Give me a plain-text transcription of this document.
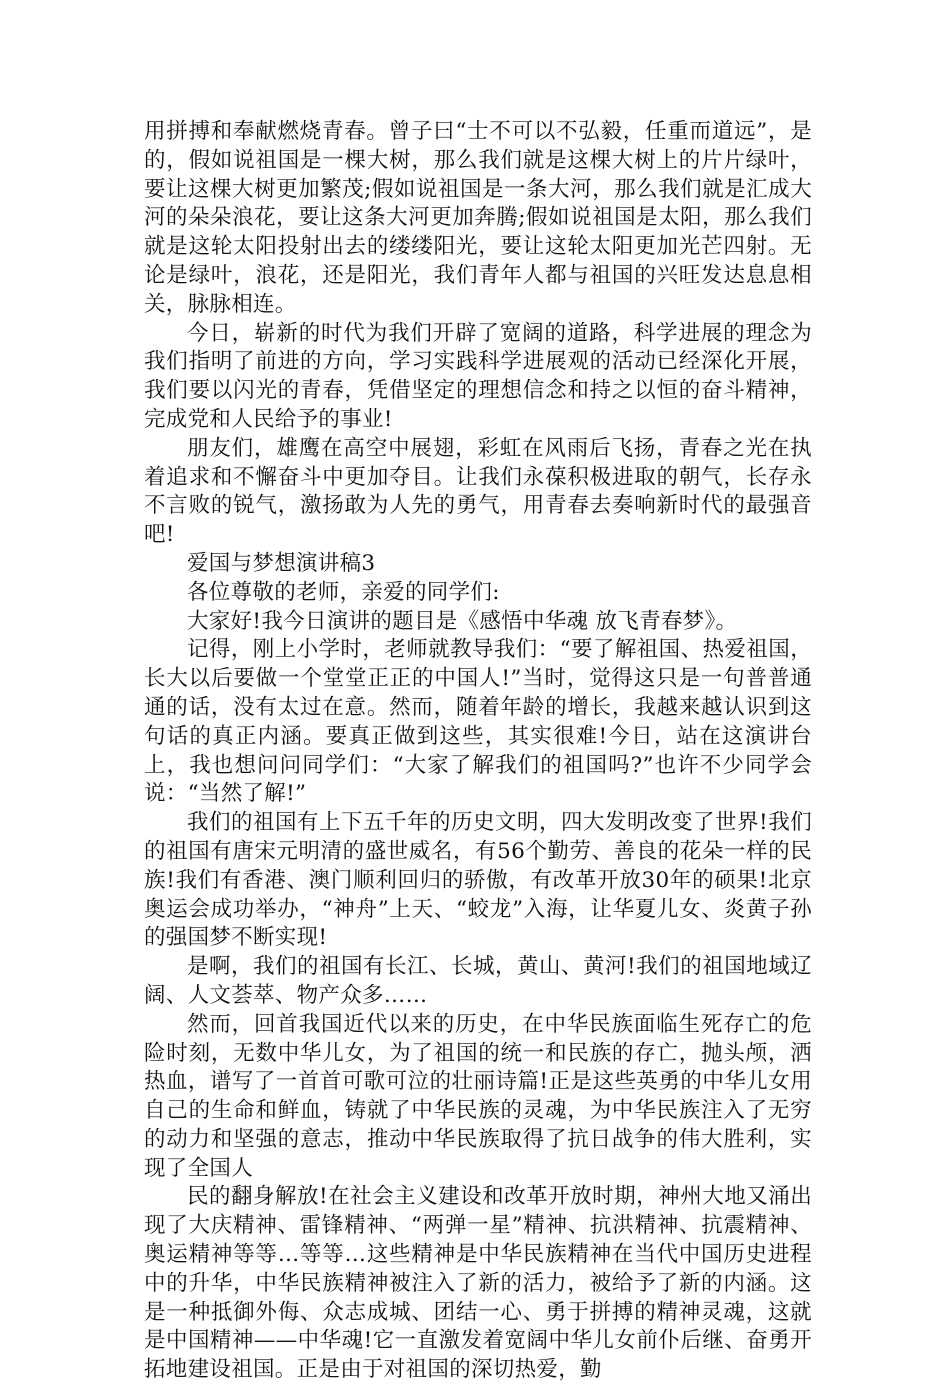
用拼搏和奉献燃烧青春。曾子曰“士不可以不弘毅，任重而道远”，是的，假如说祖国是一棵大树，那么我们就是这棵大树上的片片绿叶，要让这棵大树更加繁茂;假如说祖国是一条大河，那么我们就是汇成大河的朵朵浪花，要让这条大河更加奔腾;假如说祖国是太阳，那么我们就是这轮太阳投射出去的缕缕阳光，要让这轮太阳更加光芒四射。无论是绿叶，浪花，还是阳光，我们青年人都与祖国的兴旺发达息息相关，脉脉相连。

今日，崭新的时代为我们开辟了宽阔的道路，科学进展的理念为我们指明了前进的方向，学习实践科学进展观的活动已经深化开展，我们要以闪光的青春，凭借坚定的理想信念和持之以恒的奋斗精神，完成党和人民给予的事业!

朋友们，雄鹰在高空中展翅，彩虹在风雨后飞扬，青春之光在执着追求和不懈奋斗中更加夺目。让我们永葆积极进取的朝气，长存永不言败的锐气，激扬敢为人先的勇气，用青春去奏响新时代的最强音吧!

爱国与梦想演讲稿3

各位尊敬的老师，亲爱的同学们:

大家好!我今日演讲的题目是《感悟中华魂 放飞青春梦》。

记得，刚上小学时，老师就教导我们：“要了解祖国、热爱祖国，长大以后要做一个堂堂正正的中国人!”当时，觉得这只是一句普普通通的话，没有太过在意。然而，随着年龄的增长，我越来越认识到这句话的真正内涵。要真正做到这些，其实很难!今日，站在这演讲台上，我也想问问同学们：“大家了解我们的祖国吗?”也许不少同学会说：“当然了解!”

我们的祖国有上下五千年的历史文明，四大发明改变了世界!我们的祖国有唐宋元明清的盛世威名，有56个勤劳、善良的花朵一样的民族!我们有香港、澳门顺利回归的骄傲，有改革开放30年的硕果!北京奥运会成功举办，“神舟”上天、“蛟龙”入海，让华夏儿女、炎黄子孙的强国梦不断实现!

是啊，我们的祖国有长江、长城，黄山、黄河!我们的祖国地域辽阔、人文荟萃、物产众多……

然而，回首我国近代以来的历史，在中华民族面临生死存亡的危险时刻，无数中华儿女，为了祖国的统一和民族的存亡，抛头颅，洒热血，谱写了一首首可歌可泣的壮丽诗篇!正是这些英勇的中华儿女用自己的生命和鲜血，铸就了中华民族的灵魂，为中华民族注入了无穷的动力和坚强的意志，推动中华民族取得了抗日战争的伟大胜利，实现了全国人

民的翻身解放!在社会主义建设和改革开放时期，神州大地又涌出现了大庆精神、雷锋精神、“两弹一星”精神、抗洪精神、抗震精神、奥运精神等等…等等…这些精神是中华民族精神在当代中国历史进程中的升华，中华民族精神被注入了新的活力，被给予了新的内涵。这是一种抵御外侮、众志成城、团结一心、勇于拼搏的精神灵魂，这就是中国精神——中华魂!它一直激发着宽阔中华儿女前仆后继、奋勇开拓地建设祖国。正是由于对祖国的深切热爱，勤
